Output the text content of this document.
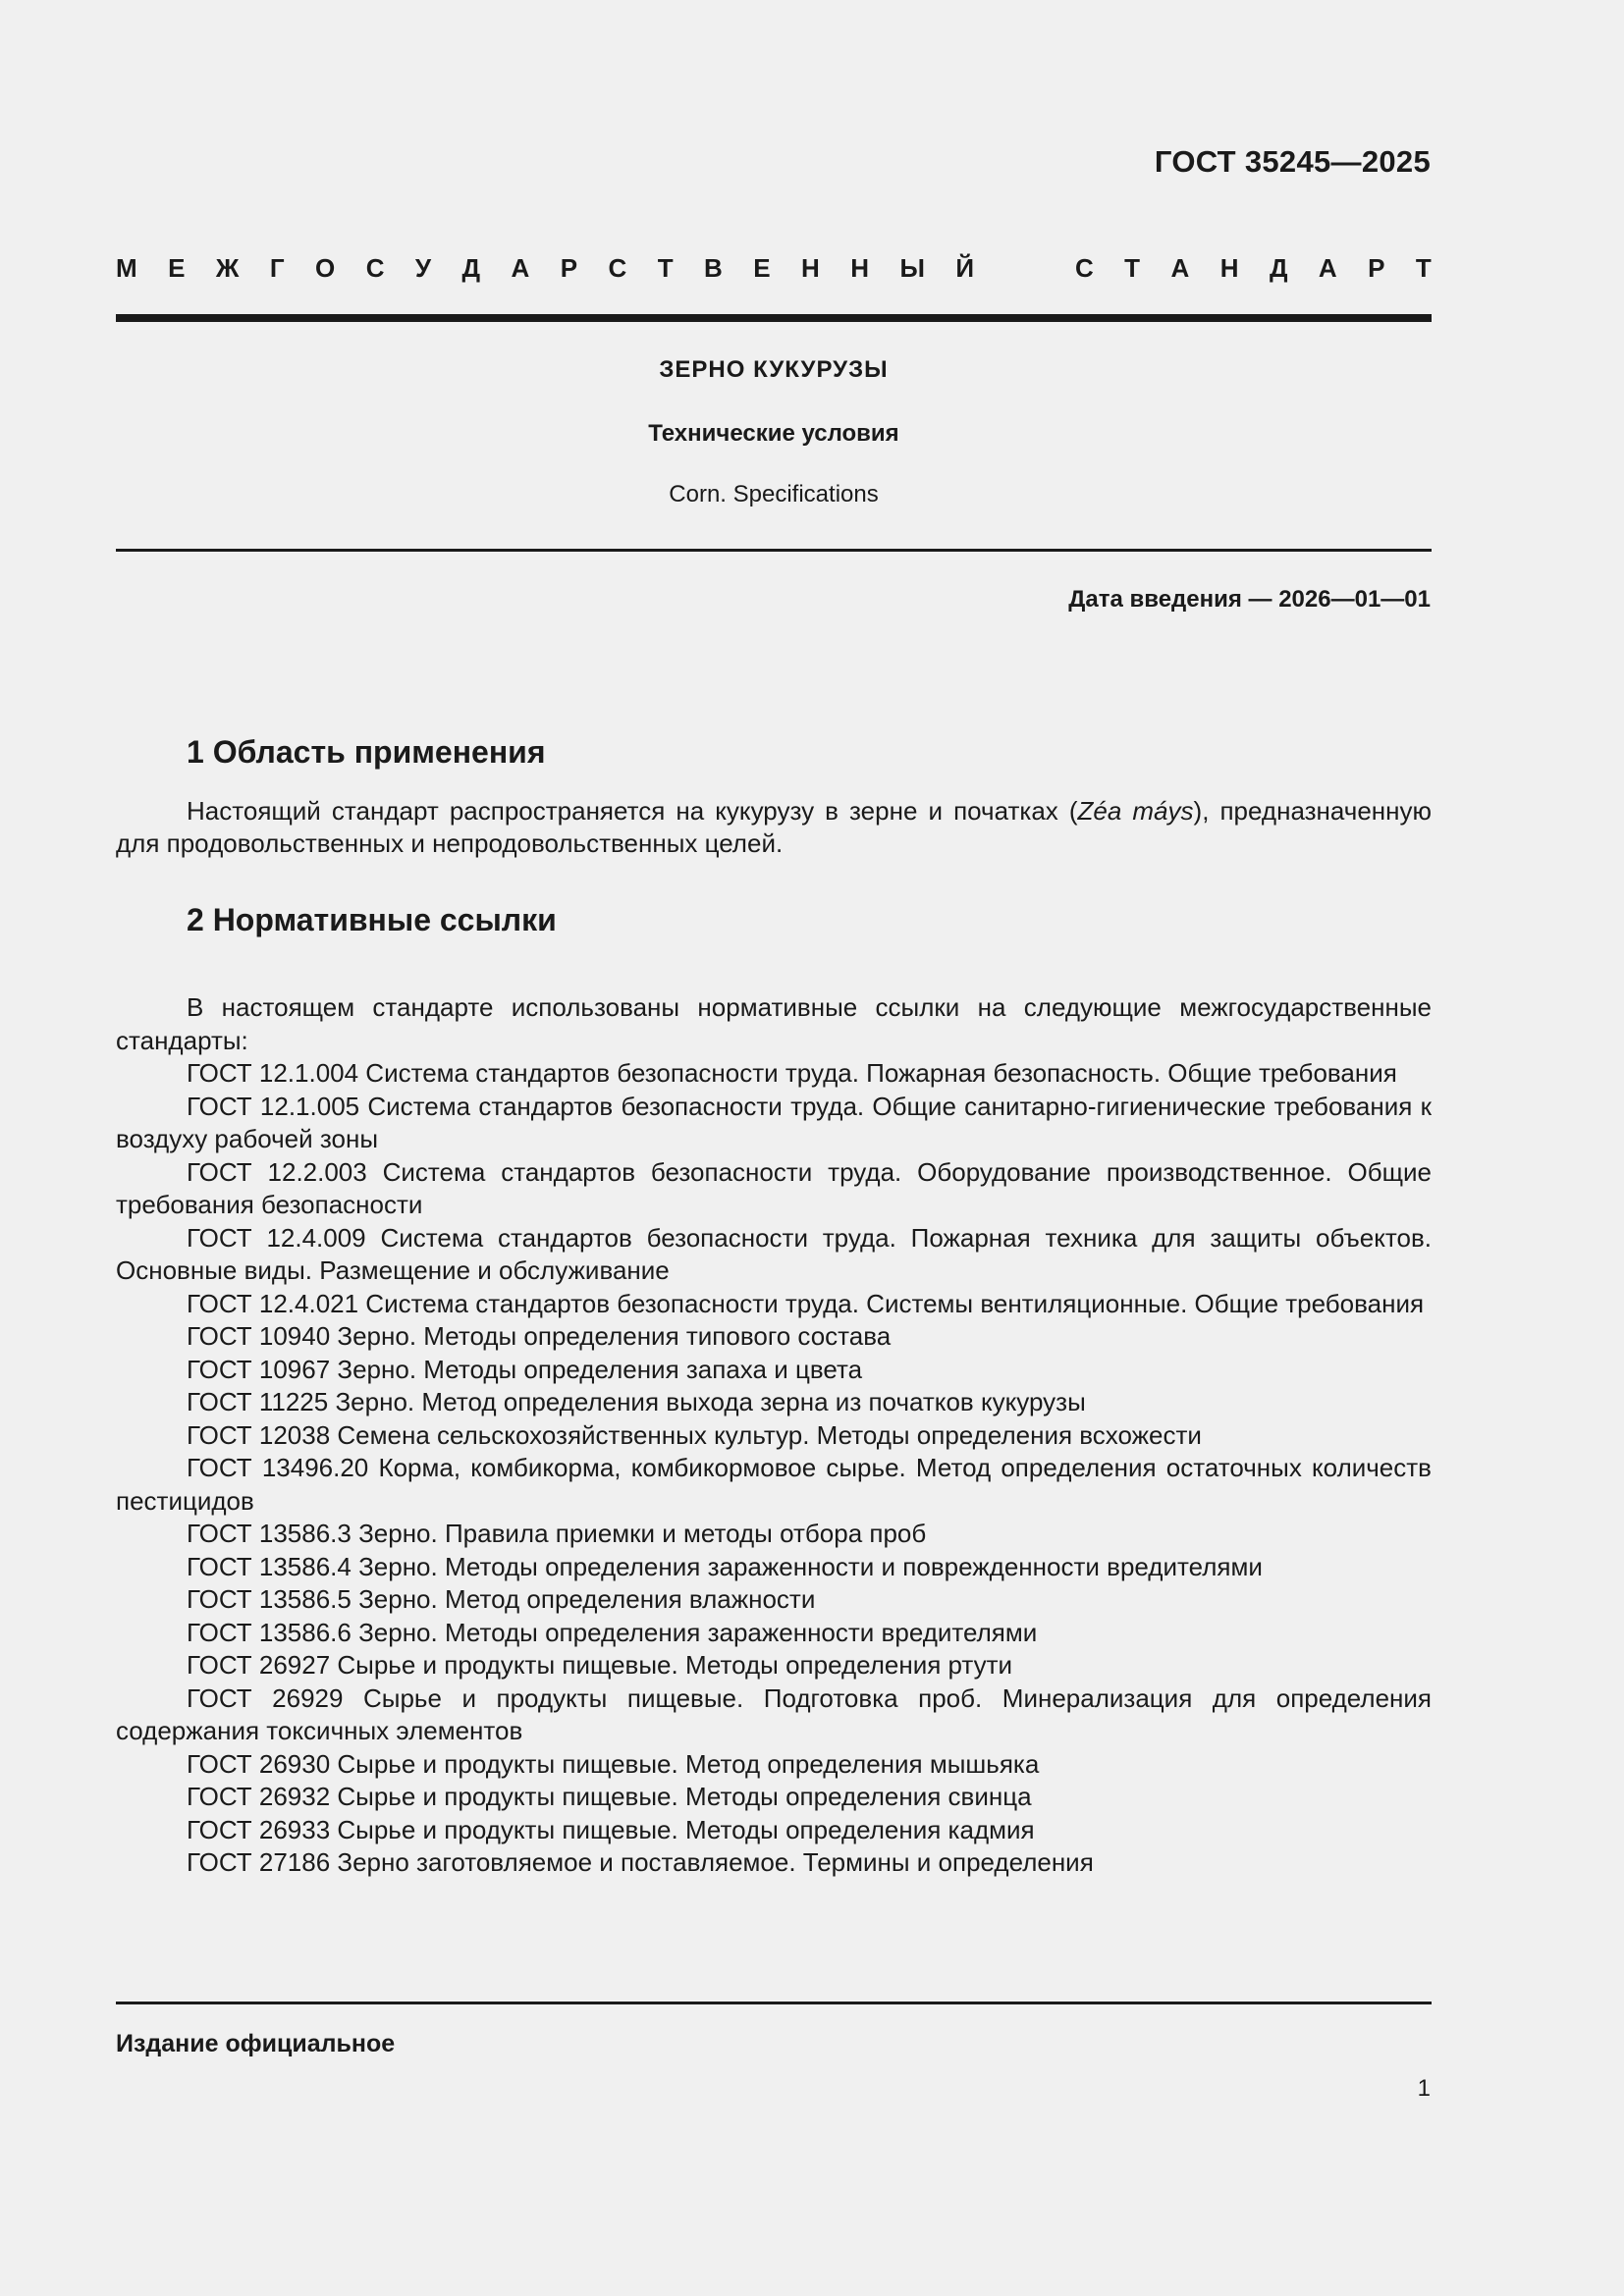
ГОСТ 35245—2025
М Е Ж Г О С У Д А Р С Т В Е Н Н Ы Й	С Т А Н Д А Р Т
ЗЕРНО КУКУРУЗЫ
Технические условия
Corn. Specifications
Дата введения — 2026—01—01
1 Область применения

Настоящий стандарт распространяется на кукурузу в зерне и початках (Zéa máys), предназначенную для продовольственных и непродовольственных целей.

2 Нормативные ссылки
В настоящем стандарте использованы нормативные ссылки на следующие межгосударственные стандарты:
ГОСТ 12.1.004 Система стандартов безопасности труда. Пожарная безопасность. Общие требования
ГОСТ 12.1.005 Система стандартов безопасности труда. Общие санитарно-гигиенические требования к воздуху рабочей зоны
ГОСТ 12.2.003 Система стандартов безопасности труда. Оборудование производственное. Общие требования безопасности
ГОСТ 12.4.009 Система стандартов безопасности труда. Пожарная техника для защиты объектов. Основные виды. Размещение и обслуживание
ГОСТ 12.4.021 Система стандартов безопасности труда. Системы вентиляционные. Общие требования
ГОСТ 10940 Зерно. Методы определения типового состава
ГОСТ 10967 Зерно. Методы определения запаха и цвета
ГОСТ 11225 Зерно. Метод определения выхода зерна из початков кукурузы
ГОСТ 12038 Семена сельскохозяйственных культур. Методы определения всхожести
ГОСТ 13496.20 Корма, комбикорма, комбикормовое сырье. Метод определения остаточных количеств пестицидов
ГОСТ 13586.3 Зерно. Правила приемки и методы отбора проб
ГОСТ 13586.4 Зерно. Методы определения зараженности и поврежденности вредителями
ГОСТ 13586.5 Зерно. Метод определения влажности
ГОСТ 13586.6 Зерно. Методы определения зараженности вредителями
ГОСТ 26927 Сырье и продукты пищевые. Методы определения ртути
ГОСТ 26929 Сырье и продукты пищевые. Подготовка проб. Минерализация для определения содержания токсичных элементов
ГОСТ 26930 Сырье и продукты пищевые. Метод определения мышьяка
ГОСТ 26932 Сырье и продукты пищевые. Методы определения свинца
ГОСТ 26933 Сырье и продукты пищевые. Методы определения кадмия
ГОСТ 27186 Зерно заготовляемое и поставляемое. Термины и определения
Издание официальное
1
